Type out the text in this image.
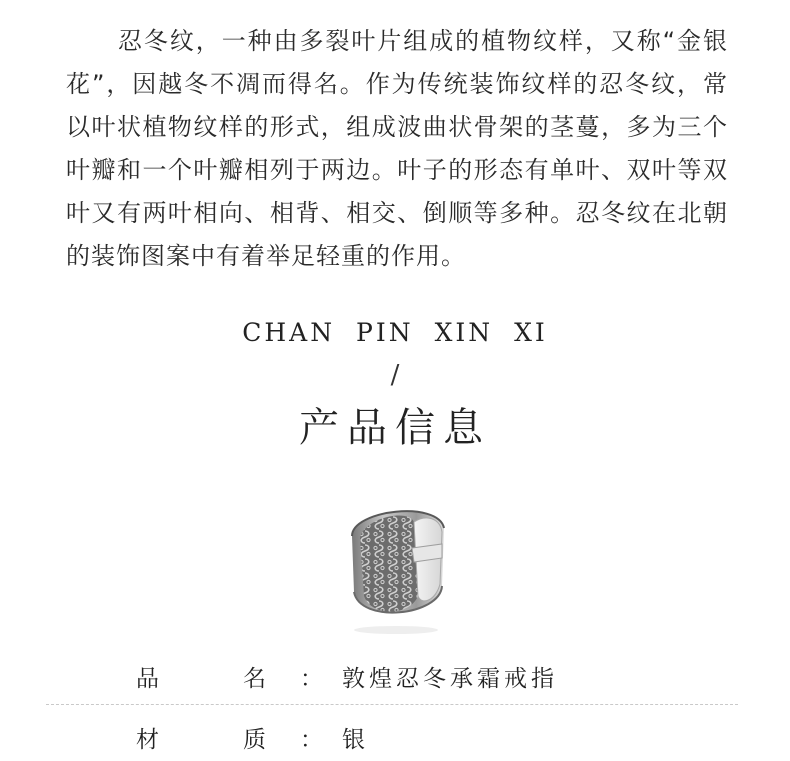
忍冬纹，一种由多裂叶片组成的植物纹样，又称“金银花”，因越冬不凋而得名。作为传统装饰纹样的忍冬纹，常以叶状植物纹样的形式，组成波曲状骨架的茎蔓，多为三个叶瓣和一个叶瓣相列于两边。叶子的形态有单叶、双叶等双叶又有两叶相向、相背、相交、倒顺等多种。忍冬纹在北朝的装饰图案中有着举足轻重的作用。

CHAN PIN XIN XI
/
产品信息
品	名 ： 敦煌忍冬承霜戒指
材	质 ： 银
